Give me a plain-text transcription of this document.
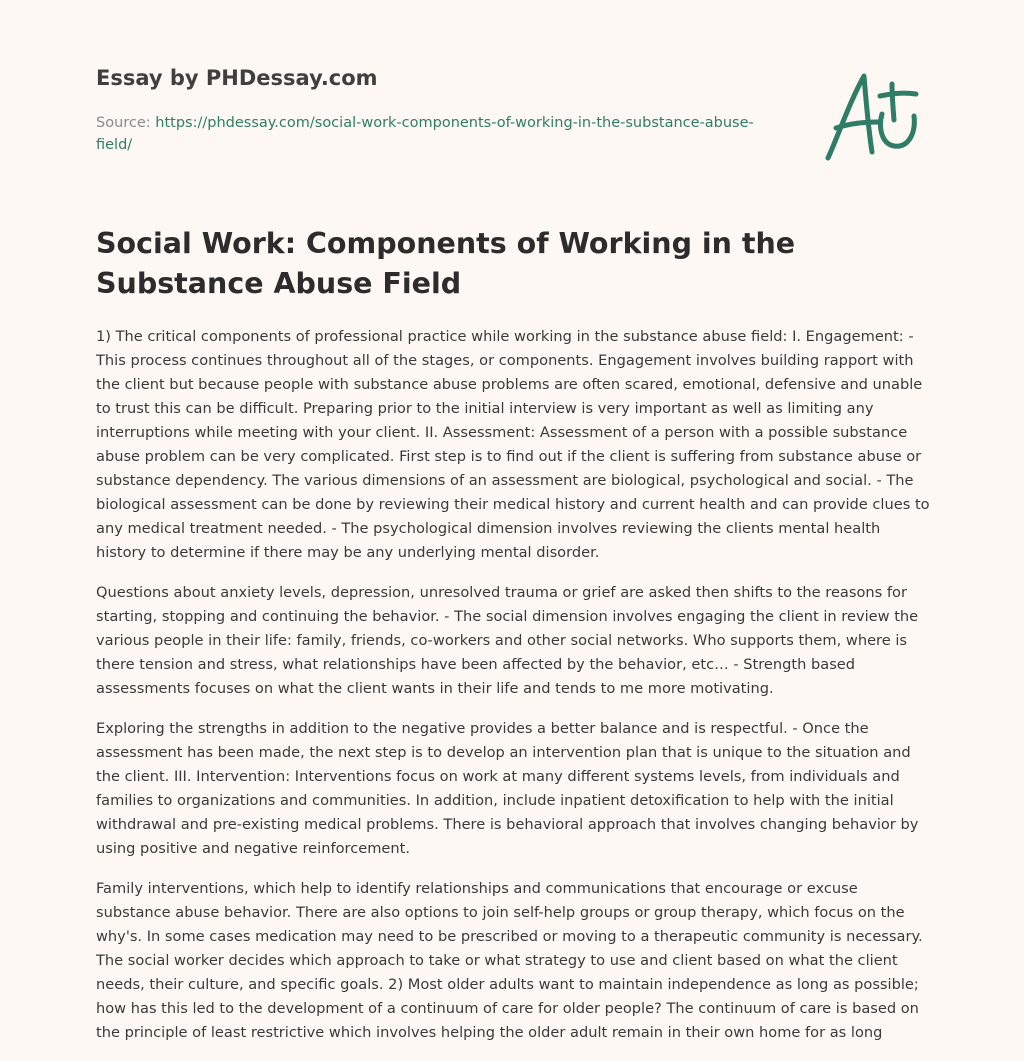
Essay by PHDessay.com
Source: https://phdessay.com/social-work-components-of-working-in-the-substance-abuse-field/
Social Work: Components of Working in the Substance Abuse Field

1) The critical components of professional practice while working in the substance abuse field: I. Engagement: - This process continues throughout all of the stages, or components. Engagement involves building rapport with the client but because people with substance abuse problems are often scared, emotional, defensive and unable to trust this can be difficult. Preparing prior to the initial interview is very important as well as limiting any interruptions while meeting with your client. II. Assessment: Assessment of a person with a possible substance abuse problem can be very complicated. First step is to find out if the client is suffering from substance abuse or substance dependency. The various dimensions of an assessment are biological, psychological and social. - The biological assessment can be done by reviewing their medical history and current health and can provide clues to any medical treatment needed. - The psychological dimension involves reviewing the clients mental health history to determine if there may be any underlying mental disorder.

Questions about anxiety levels, depression, unresolved trauma or grief are asked then shifts to the reasons for starting, stopping and continuing the behavior. - The social dimension involves engaging the client in review the various people in their life: family, friends, co-workers and other social networks. Who supports them, where is there tension and stress, what relationships have been affected by the behavior, etc… - Strength based assessments focuses on what the client wants in their life and tends to me more motivating.

Exploring the strengths in addition to the negative provides a better balance and is respectful. - Once the assessment has been made, the next step is to develop an intervention plan that is unique to the situation and the client. III. Intervention: Interventions focus on work at many different systems levels, from individuals and families to organizations and communities. In addition, include inpatient detoxification to help with the initial withdrawal and pre-existing medical problems. There is behavioral approach that involves changing behavior by using positive and negative reinforcement.

Family interventions, which help to identify relationships and communications that encourage or excuse substance abuse behavior. There are also options to join self-help groups or group therapy, which focus on the why's. In some cases medication may need to be prescribed or moving to a therapeutic community is necessary. The social worker decides which approach to take or what strategy to use and client based on what the client needs, their culture, and specific goals. 2) Most older adults want to maintain independence as long as possible; how has this led to the development of a continuum of care for older people? The continuum of care is based on the principle of least restrictive which involves helping the older adult remain in their own home for as long
